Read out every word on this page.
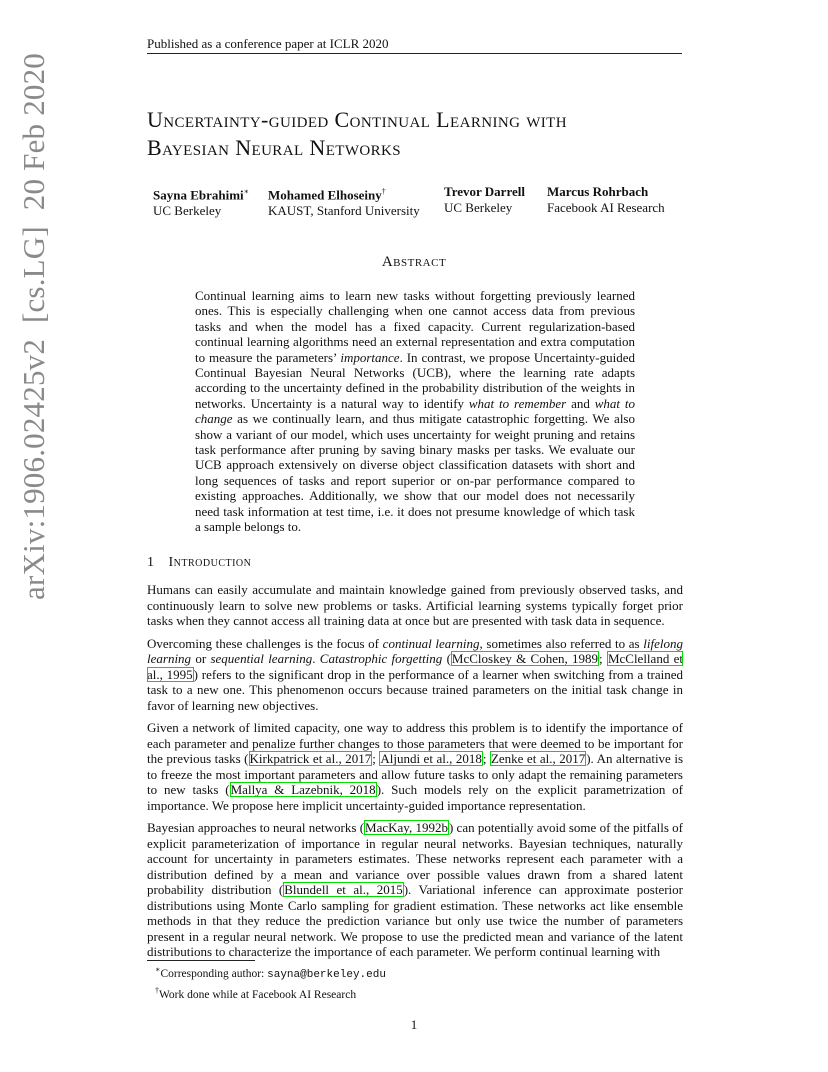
Published as a conference paper at ICLR 2020
arXiv:1906.02425v2  [cs.LG]  20 Feb 2020	Uncertainty-guided Continual Learning with
Bayesian Neural Networks
Sayna Ebrahimi∗
UC Berkeley
Mohamed Elhoseiny†
KAUST, Stanford University
Trevor Darrell
UC Berkeley
Marcus Rohrbach
Facebook AI Research
Abstract
Continual learning aims to learn new tasks without forgetting previously learned ones. This is especially challenging when one cannot access data from previous tasks and when the model has a fixed capacity. Current regularization-based continual learning algorithms need an external representation and extra computation to measure the parameters’ importance. In contrast, we propose Uncertainty-guided Continual Bayesian Neural Networks (UCB), where the learning rate adapts according to the uncertainty defined in the probability distribution of the weights in networks. Uncertainty is a natural way to identify what to remember and what to change as we continually learn, and thus mitigate catastrophic forgetting. We also show a variant of our model, which uses uncertainty for weight pruning and retains task performance after pruning by saving binary masks per tasks. We evaluate our UCB approach extensively on diverse object classification datasets with short and long sequences of tasks and report superior or on-par performance compared to existing approaches. Additionally, we show that our model does not necessarily need task information at test time, i.e. it does not presume knowledge of which task a sample belongs to.
1 Introduction

Humans can easily accumulate and maintain knowledge gained from previously observed tasks, and continuously learn to solve new problems or tasks. Artificial learning systems typically forget prior tasks when they cannot access all training data at once but are presented with task data in sequence.

Overcoming these challenges is the focus of continual learning, sometimes also referred to as lifelong learning or sequential learning. Catastrophic forgetting (McCloskey & Cohen, 1989; McClelland et al., 1995) refers to the significant drop in the performance of a learner when switching from a trained task to a new one. This phenomenon occurs because trained parameters on the initial task change in favor of learning new objectives.

Given a network of limited capacity, one way to address this problem is to identify the importance of each parameter and penalize further changes to those parameters that were deemed to be important for the previous tasks (Kirkpatrick et al., 2017; Aljundi et al., 2018; Zenke et al., 2017). An alternative is to freeze the most important parameters and allow future tasks to only adapt the remaining parameters to new tasks (Mallya & Lazebnik, 2018). Such models rely on the explicit parametrization of importance. We propose here implicit uncertainty-guided importance representation.

Bayesian approaches to neural networks (MacKay, 1992b) can potentially avoid some of the pitfalls of explicit parameterization of importance in regular neural networks. Bayesian techniques, naturally account for uncertainty in parameters estimates. These networks represent each parameter with a distribution defined by a mean and variance over possible values drawn from a shared latent probability distribution (Blundell et al., 2015). Variational inference can approximate posterior distributions using Monte Carlo sampling for gradient estimation. These networks act like ensemble methods in that they reduce the prediction variance but only use twice the number of parameters present in a regular neural network. We propose to use the predicted mean and variance of the latent distributions to characterize the importance of each parameter. We perform continual learning with

∗Corresponding author: sayna@berkeley.edu
†Work done while at Facebook AI Research
1
